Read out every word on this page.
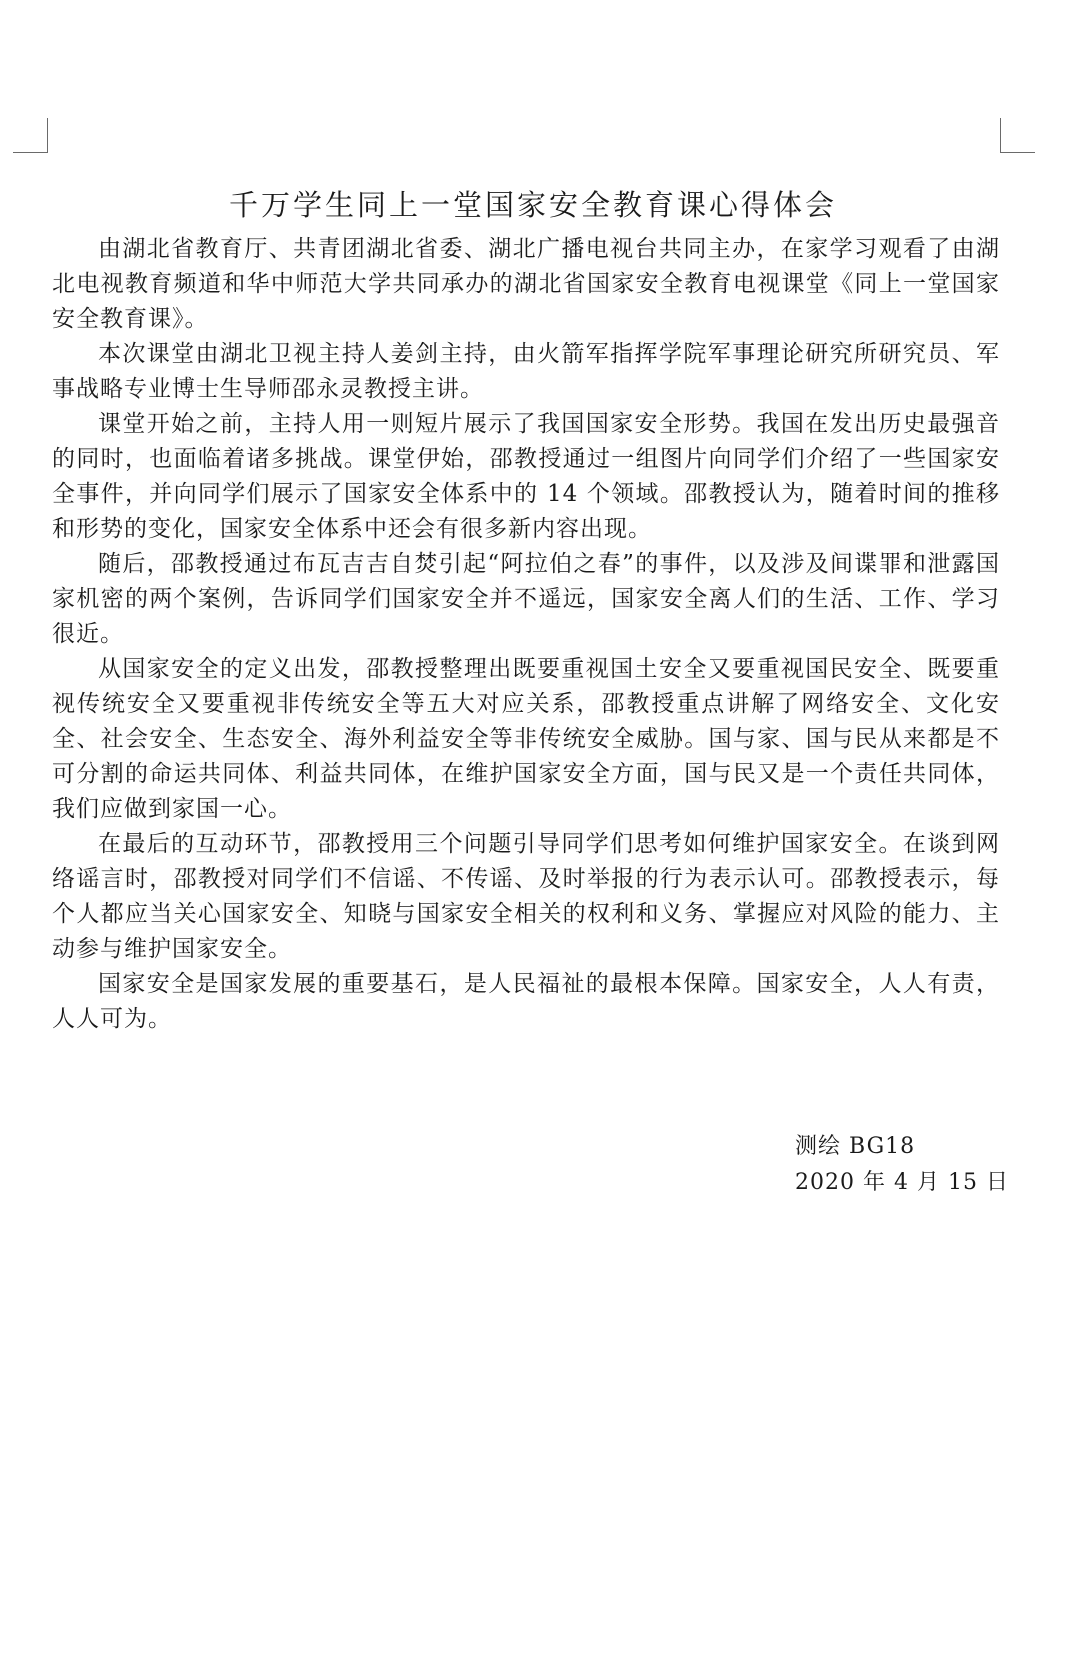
千万学生同上一堂国家安全教育课心得体会

由湖北省教育厅、共青团湖北省委、湖北广播电视台共同主办，在家学习观看了由湖北电视教育频道和华中师范大学共同承办的湖北省国家安全教育电视课堂《同上一堂国家安全教育课》。

本次课堂由湖北卫视主持人姜剑主持，由火箭军指挥学院军事理论研究所研究员、军事战略专业博士生导师邵永灵教授主讲。

课堂开始之前，主持人用一则短片展示了我国国家安全形势。我国在发出历史最强音的同时，也面临着诸多挑战。课堂伊始，邵教授通过一组图片向同学们介绍了一些国家安全事件，并向同学们展示了国家安全体系中的 14 个领域。邵教授认为，随着时间的推移和形势的变化，国家安全体系中还会有很多新内容出现。

随后，邵教授通过布瓦吉吉自焚引起“阿拉伯之春”的事件，以及涉及间谍罪和泄露国家机密的两个案例，告诉同学们国家安全并不遥远，国家安全离人们的生活、工作、学习很近。

从国家安全的定义出发，邵教授整理出既要重视国土安全又要重视国民安全、既要重视传统安全又要重视非传统安全等五大对应关系，邵教授重点讲解了网络安全、文化安全、社会安全、生态安全、海外利益安全等非传统安全威胁。国与家、国与民从来都是不可分割的命运共同体、利益共同体，在维护国家安全方面，国与民又是一个责任共同体，我们应做到家国一心。

在最后的互动环节，邵教授用三个问题引导同学们思考如何维护国家安全。在谈到网络谣言时，邵教授对同学们不信谣、不传谣、及时举报的行为表示认可。邵教授表示，每个人都应当关心国家安全、知晓与国家安全相关的权利和义务、掌握应对风险的能力、主动参与维护国家安全。

国家安全是国家发展的重要基石，是人民福祉的最根本保障。国家安全，人人有责，人人可为。

测绘 BG18
2020 年 4 月 15 日
